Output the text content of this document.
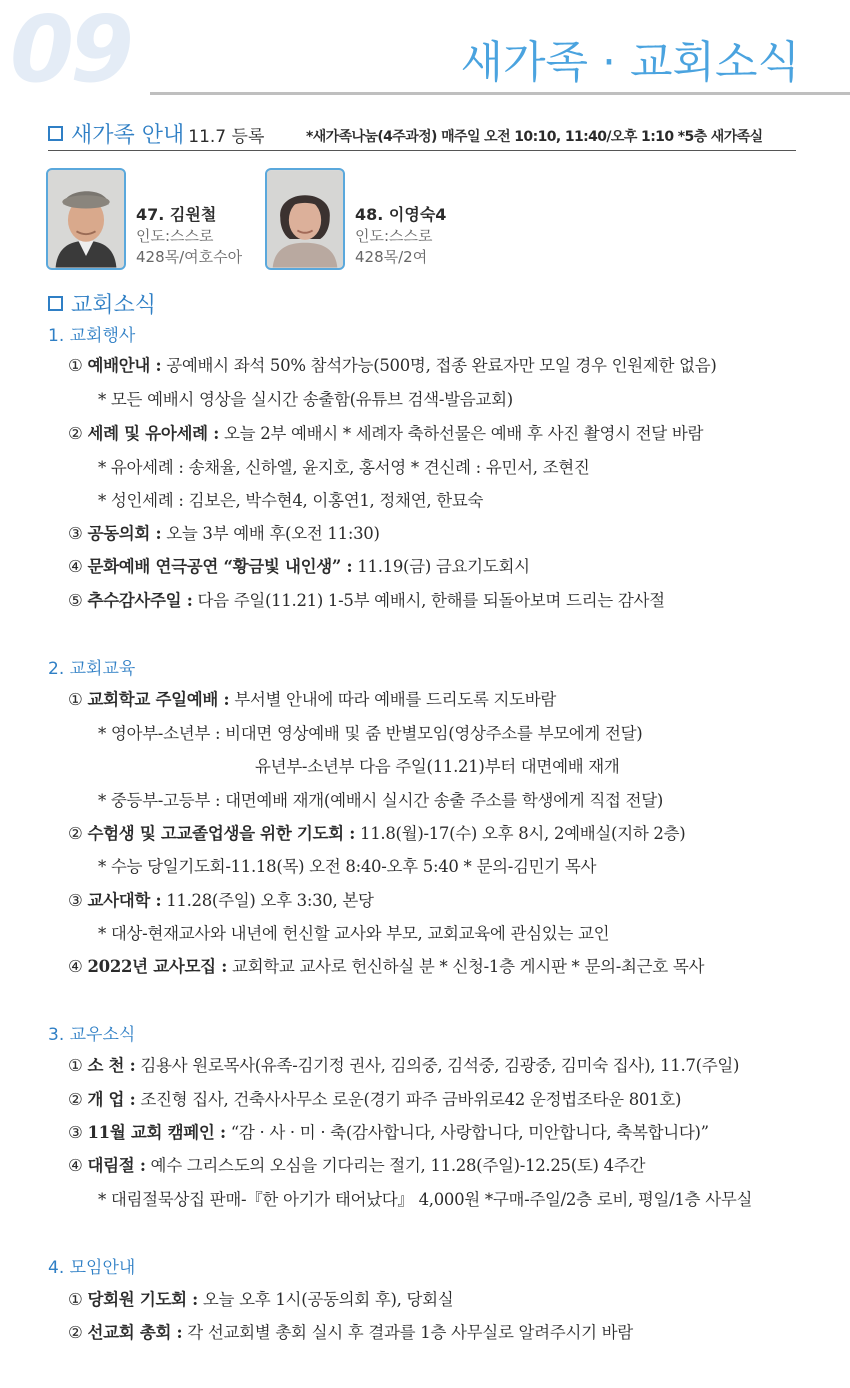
09	새가족 · 교회소식
새가족 안내 11.7 등록	*새가족나눔(4주과정) 매주일 오전 10:10, 11:40/오후 1:10 *5층 새가족실
47. 김원철
인도:스스로
428목/여호수아
48. 이영숙4
인도:스스로
428목/2여
교회소식
1. 교회행사
① 예배안내 : 공예배시 좌석 50% 참석가능(500명, 접종 완료자만 모일 경우 인원제한 없음)
* 모든 예배시 영상을 실시간 송출함(유튜브 검색-발음교회)
② 세례 및 유아세례 : 오늘 2부 예배시 * 세례자 축하선물은 예배 후 사진 촬영시 전달 바람
* 유아세례 : 송채율, 신하엘, 윤지호, 홍서영 * 견신례 : 유민서, 조현진
* 성인세례 : 김보은, 박수현4, 이홍연1, 정채연, 한묘숙
③ 공동의회 : 오늘 3부 예배 후(오전 11:30)
④ 문화예배 연극공연 “황금빛 내인생” : 11.19(금) 금요기도회시
⑤ 추수감사주일 : 다음 주일(11.21) 1-5부 예배시, 한해를 되돌아보며 드리는 감사절
2. 교회교육
① 교회학교 주일예배 : 부서별 안내에 따라 예배를 드리도록 지도바람
* 영아부-소년부 : 비대면 영상예배 및 줌 반별모임(영상주소를 부모에게 전달)
유년부-소년부 다음 주일(11.21)부터 대면예배 재개
* 중등부-고등부 : 대면예배 재개(예배시 실시간 송출 주소를 학생에게 직접 전달)
② 수험생 및 고교졸업생을 위한 기도회 : 11.8(월)-17(수) 오후 8시, 2예배실(지하 2층)
* 수능 당일기도회-11.18(목) 오전 8:40-오후 5:40 * 문의-김민기 목사
③ 교사대학 : 11.28(주일) 오후 3:30, 본당
* 대상-현재교사와 내년에 헌신할 교사와 부모, 교회교육에 관심있는 교인
④ 2022년 교사모집 : 교회학교 교사로 헌신하실 분 * 신청-1층 게시판 * 문의-최근호 목사
3. 교우소식
① 소 천 : 김용사 원로목사(유족-김기정 권사, 김의중, 김석중, 김광중, 김미숙 집사), 11.7(주일)
② 개 업 : 조진형 집사, 건축사사무소 로운(경기 파주 금바위로42 운정법조타운 801호)
③ 11월 교회 캠페인 : “감 · 사 · 미 · 축(감사합니다, 사랑합니다, 미안합니다, 축복합니다)”
④ 대림절 : 예수 그리스도의 오심을 기다리는 절기, 11.28(주일)-12.25(토) 4주간
* 대림절묵상집 판매-『한 아기가 태어났다』 4,000원 *구매-주일/2층 로비, 평일/1층 사무실
4. 모임안내
① 당회원 기도회 : 오늘 오후 1시(공동의회 후), 당회실
② 선교회 총회 : 각 선교회별 총회 실시 후 결과를 1층 사무실로 알려주시기 바람
